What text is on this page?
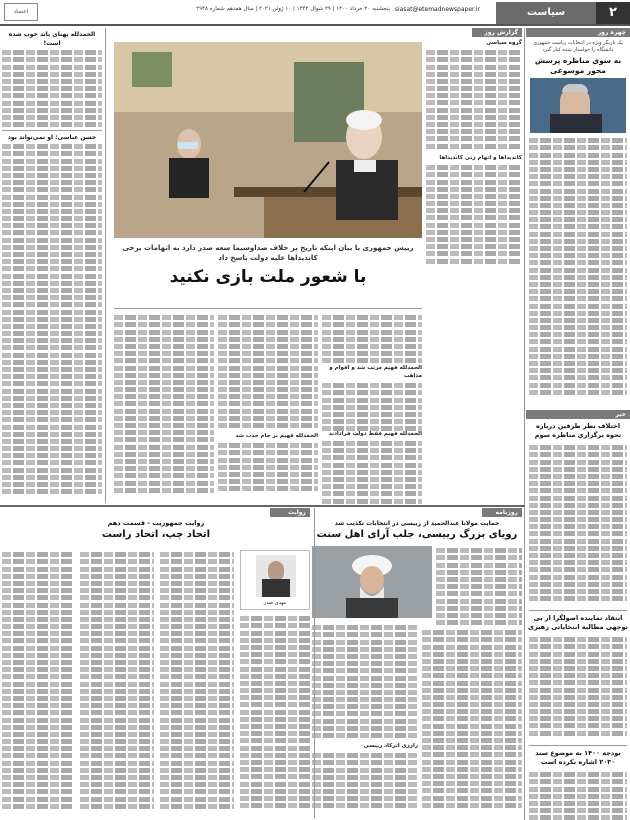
۲
سیاست
siasat@etemadnewspaper.ir
پنجشنبه ۲۰ خرداد ۱۴۰۰ | ۲۹ شوال ۱۴۴۲ | ۱۰ ژوئن ۲۰۲۱ | سال هفدهم شماره ۴۹۴۸
اعتماد
چهره روز
یک بازیگر ویژه در انتخابات ریاست جمهوری دانشگاه را خواستار شده کنار گیرد
به سوی مناظره پرسش محور موسوعی
خبر
اختلاف نظر طرفین درباره نحوه برگزاری مناظره سوم
انتقاد نماینده اصولگرا از بی توجهی مطالبه انتخاباتی رهبری
بودجه ۱۴۰۰ به موضوع سند ۲۰۳۰ اشاره نکرده است
گزارش روز
گروه سیاسی
کاندیداها و اتهام زنی کاندیداها
رییس جمهوری با بیان اینکه تاریخ بر خلاف صداوسیما سعه صدر دارد به اتهامات برخی کاندیداها علیه دولت پاسخ داد
با شعور ملت بازی نکنید
الحمدلله فهیم مرتب شد و اقوام و مذاهب
الحمدلله فهیم فقط دولت فرادادند
الحمدلله فهیم بر جام حذب شد
الحمدلله پهنای باند خوب شده است!
حسن عباسی: او نمی‌تواند بود
روزنامه
حمایت مولانا عبدالحمید از رییسی در انتخابات تکذیب شد
رویای بزرگ رییسی، جلب آرای اهل سنت
راززی اترکاد رییسی
روایت
روایت جمهوریت - قسمت دهم
اتحاد چپ، اتحاد راست
مهدی صدر
